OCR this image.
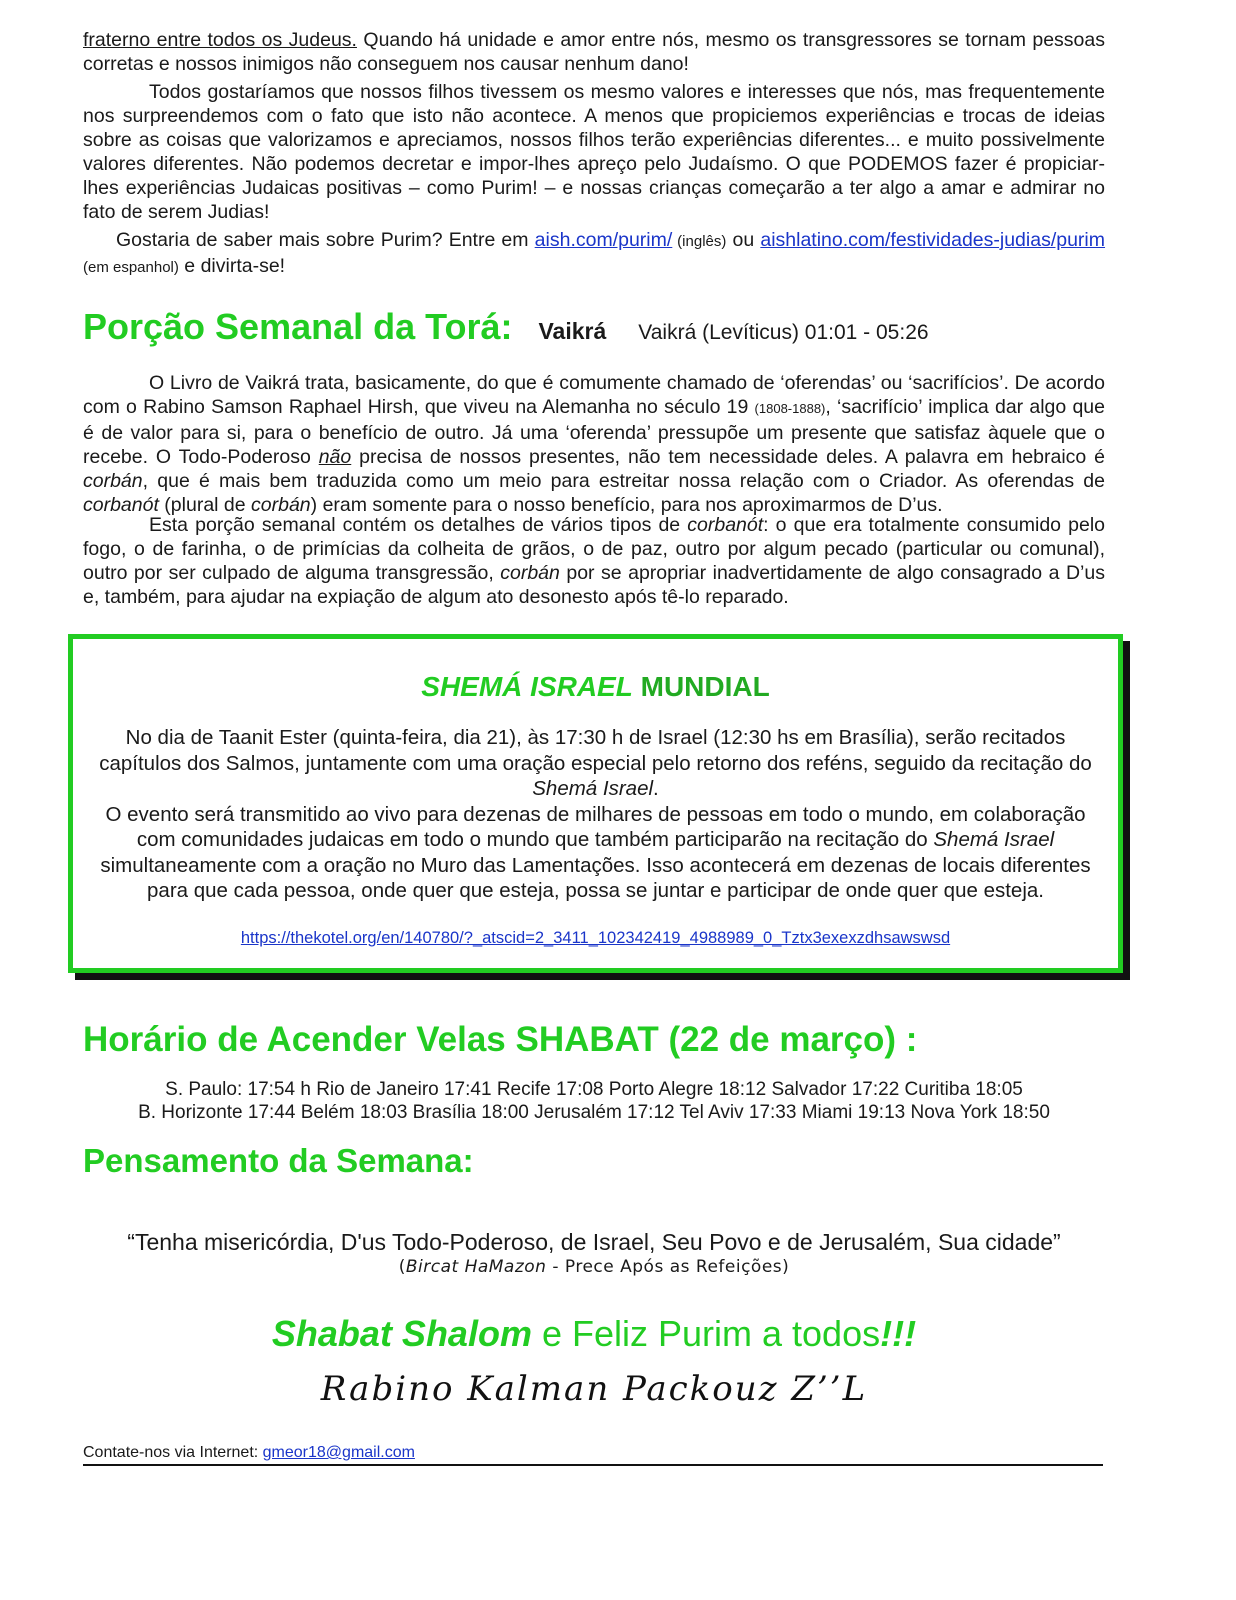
fraterno entre todos os Judeus. Quando há unidade e amor entre nós, mesmo os transgressores se tornam pessoas corretas e nossos inimigos não conseguem nos causar nenhum dano!
Todos gostaríamos que nossos filhos tivessem os mesmo valores e interesses que nós, mas frequentemente nos surpreendemos com o fato que isto não acontece. A menos que propiciemos experiências e trocas de ideias sobre as coisas que valorizamos e apreciamos, nossos filhos terão experiências diferentes... e muito possivelmente valores diferentes. Não podemos decretar e impor-lhes apreço pelo Judaísmo. O que PODEMOS fazer é propiciar-lhes experiências Judaicas positivas – como Purim! – e nossas crianças começarão a ter algo a amar e admirar no fato de serem Judias!
Gostaria de saber mais sobre Purim? Entre em aish.com/purim/ (inglês) ou aishlatino.com/festividades-judias/purim (em espanhol) e divirta-se!
Porção Semanal da Torá: Vaikrá Vaikrá (Levíticus) 01:01 - 05:26
O Livro de Vaikrá trata, basicamente, do que é comumente chamado de ‘oferendas’ ou ‘sacrifícios’. De acordo com o Rabino Samson Raphael Hirsh, que viveu na Alemanha no século 19 (1808-1888), ‘sacrifício’ implica dar algo que é de valor para si, para o benefício de outro. Já uma ‘oferenda’ pressupõe um presente que satisfaz àquele que o recebe. O Todo-Poderoso não precisa de nossos presentes, não tem necessidade deles. A palavra em hebraico é corbán, que é mais bem traduzida como um meio para estreitar nossa relação com o Criador. As oferendas de corbanót (plural de corbán) eram somente para o nosso benefício, para nos aproximarmos de D’us.
Esta porção semanal contém os detalhes de vários tipos de corbanót: o que era totalmente consumido pelo fogo, o de farinha, o de primícias da colheita de grãos, o de paz, outro por algum pecado (particular ou comunal), outro por ser culpado de alguma transgressão, corbán por se apropriar inadvertidamente de algo consagrado a D’us e, também, para ajudar na expiação de algum ato desonesto após tê-lo reparado.
SHEMÁ ISRAEL MUNDIAL
No dia de Taanit Ester (quinta-feira, dia 21), às 17:30 h de Israel (12:30 hs em Brasília), serão recitados capítulos dos Salmos, juntamente com uma oração especial pelo retorno dos reféns, seguido da recitação do Shemá Israel.
O evento será transmitido ao vivo para dezenas de milhares de pessoas em todo o mundo, em colaboração com comunidades judaicas em todo o mundo que também participarão na recitação do Shemá Israel simultaneamente com a oração no Muro das Lamentações. Isso acontecerá em dezenas de locais diferentes para que cada pessoa, onde quer que esteja, possa se juntar e participar de onde quer que esteja.
https://thekotel.org/en/140780/?_atscid=2_3411_102342419_4988989_0_Tztx3exexzdhsawswsd
Horário de Acender Velas SHABAT (22 de março) :
S. Paulo: 17:54 h Rio de Janeiro 17:41 Recife 17:08 Porto Alegre 18:12 Salvador 17:22 Curitiba 18:05
B. Horizonte 17:44 Belém 18:03 Brasília 18:00 Jerusalém 17:12 Tel Aviv 17:33 Miami 19:13 Nova York 18:50
Pensamento da Semana:
“Tenha misericórdia, D'us Todo-Poderoso, de Israel, Seu Povo e de Jerusalém, Sua cidade”
(Bircat HaMazon - Prece Após as Refeições)
Shabat Shalom e Feliz Purim a todos!!!
Rabino Kalman Packouz Z’’L
Contate-nos via Internet: gmeor18@gmail.com
